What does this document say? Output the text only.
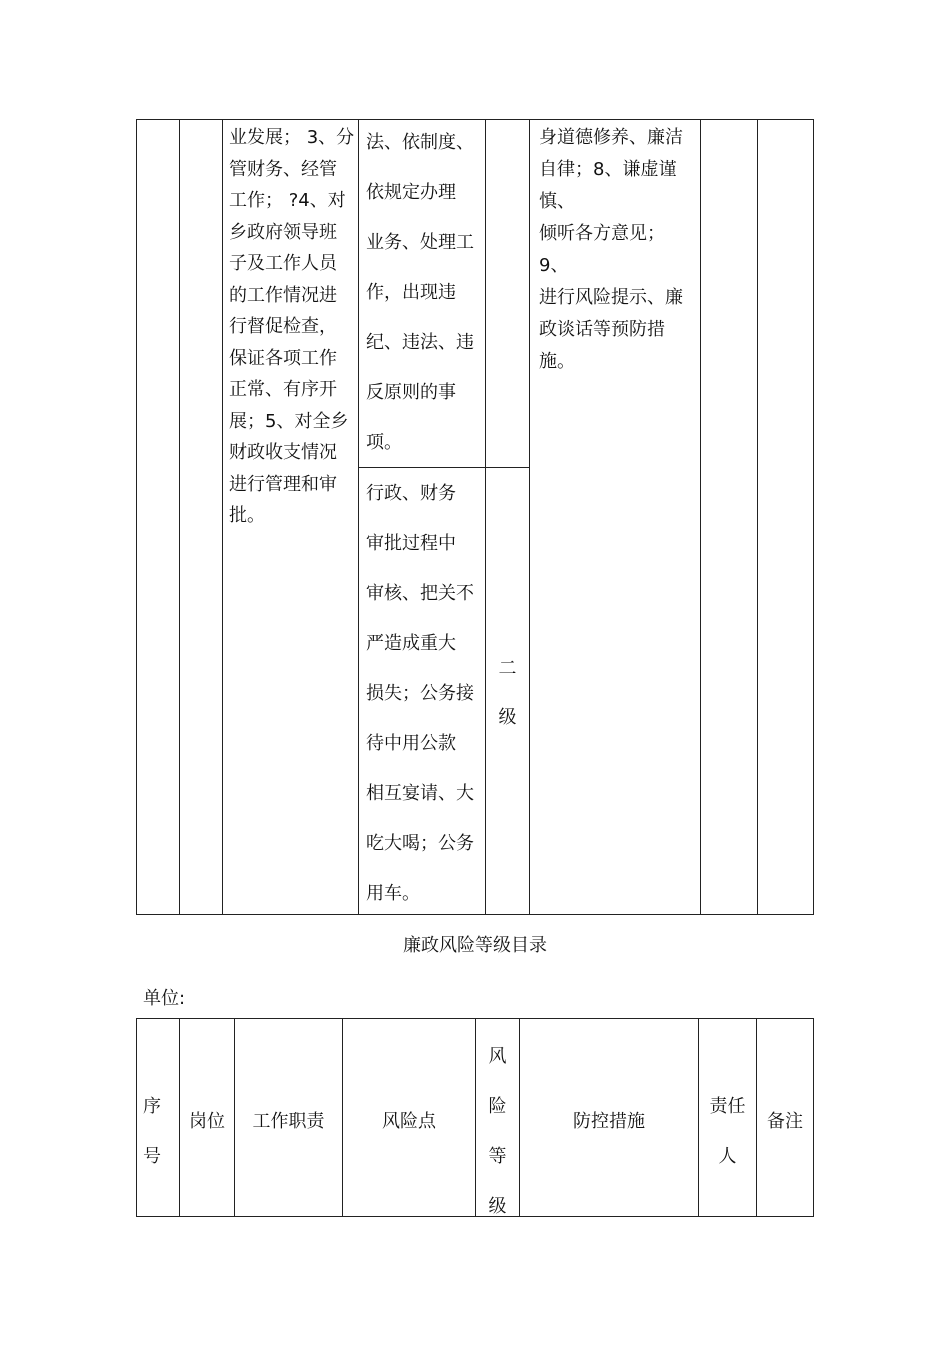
业发展； 3、分
管财务、经管
工作； ?4、对
乡政府领导班
子及工作人员
的工作情况进
行督促检查，
保证各项工作
正常、有序开
展；5、对全乡
财政收支情况
进行管理和审
批。
法、依制度、
依规定办理
业务、处理工
作，出现违
纪、违法、违
反原则的事
项。
行政、财务
审批过程中
审核、把关不
严造成重大
损失；公务接
待中用公款
相互宴请、大
吃大喝；公务
用车。
二
级
身道德修养、廉洁
自律；8、谦虚谨慎、
倾听各方意见； 9、
进行风险提示、廉
政谈话等预防措
施。
廉政风险等级目录
单位:
序
号
岗位	工作职责	风险点
风
险
等
级
防控措施
责任
人
备注
